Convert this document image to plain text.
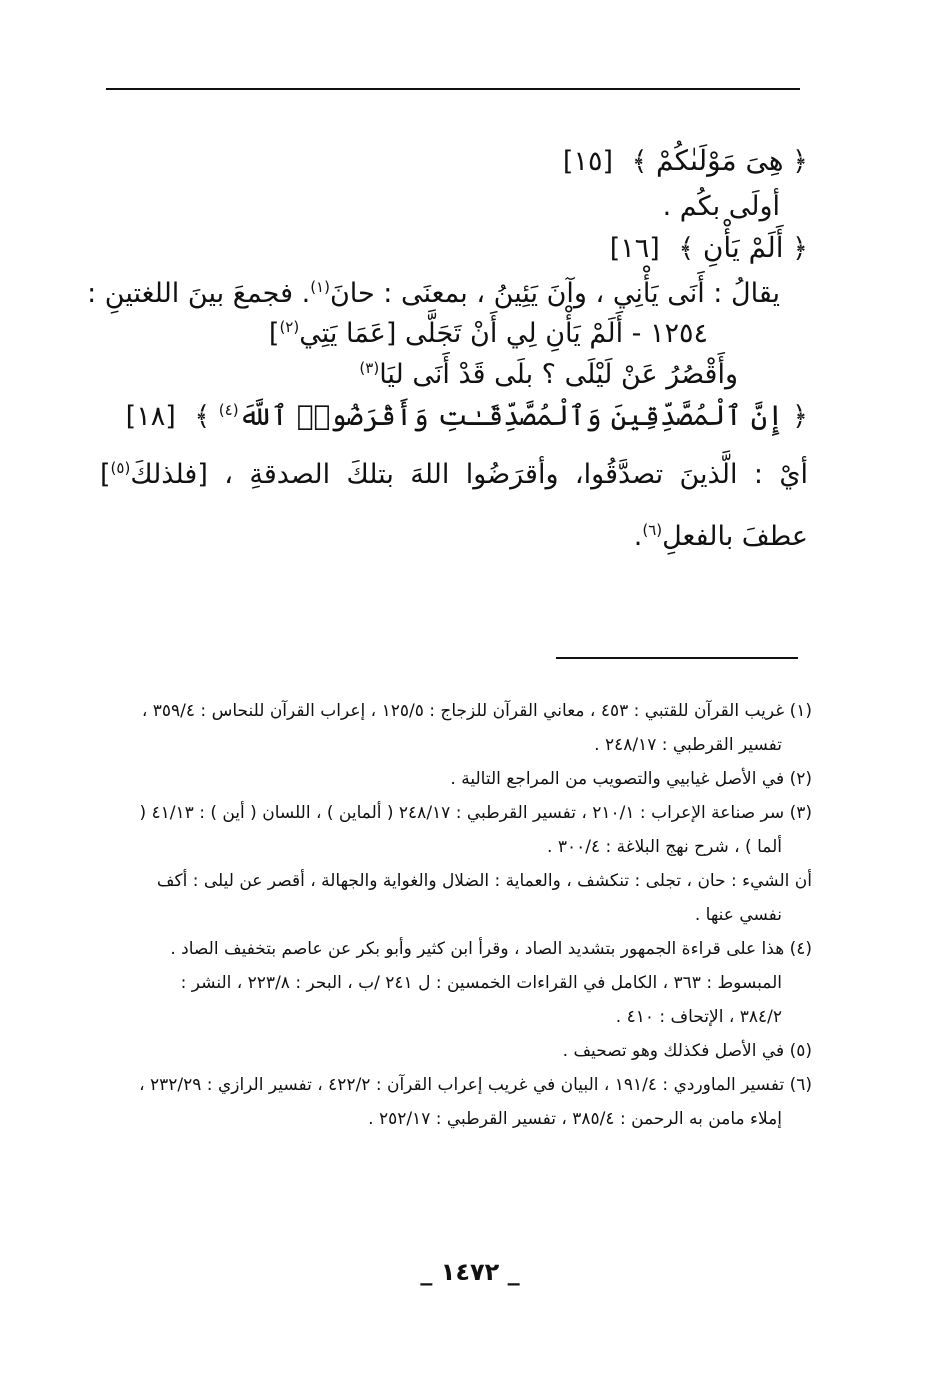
﴿ هِىَ مَوْلَىٰكُمْ ﴾ [١٥]
أولَى بكُم .
﴿ أَلَمْ يَأْنِ ﴾ [١٦]
يقالُ : أَنَى يَأْنِي ، وآنَ يَئِينُ ، بمعنَى : حانَ$^{(١)}$. فجمعَ بينَ اللغتينِ :
١٢٥٤ - أَلَمْ يَأْنِ لِي أَنْ تَجَلَّى [عَمَا يَتِي$^{(٢)}$]
وأَقْصُرُ عَنْ لَيْلَى ؟ بلَى قَدْ أَنَى ليَا$^{(٣)}$
﴿ إِنَّ ٱلْمُصَّدِّقِينَ وَٱلْمُصَّدِّقَـٰتِ وَأَقْرَضُوا۟ ٱللَّهَ$^{(٤)}$ ﴾ [١٨]
أيْ : الَّذينَ تصدَّقُوا، وأقرَضُوا اللهَ بتلكَ الصدقةِ ، [فلذلكَ$^{(٥)}$] عطفَ بالفعلِ$^{(٦)}$.
(١) غريب القرآن للقتبي : ٤٥٣ ، معاني القرآن للزجاج : ١٢٥/٥ ، إعراب القرآن للنحاس : ٣٥٩/٤ ،
تفسير القرطبي : ٢٤٨/١٧ .
(٢) في الأصل غيابيي والتصويب من المراجع التالية .
(٣) سر صناعة الإعراب : ٢١٠/١ ، تفسير القرطبي : ٢٤٨/١٧ ( ألماين ) ، اللسان ( أين ) : ٤١/١٣ (
ألما ) ، شرح نهج البلاغة : ٣٠٠/٤ .
أن الشيء : حان ، تجلى : تنكشف ، والعماية : الضلال والغواية والجهالة ، أقصر عن ليلى : أكف
نفسي عنها .
(٤) هذا على قراءة الجمهور بتشديد الصاد ، وقرأ ابن كثير وأبو بكر عن عاصم بتخفيف الصاد .
المبسوط : ٣٦٣ ، الكامل في القراءات الخمسين : ل ٢٤١ /ب ، البحر : ٢٢٣/٨ ، النشر :
٣٨٤/٢ ، الإتحاف : ٤١٠ .
(٥) في الأصل فكذلك وهو تصحيف .
(٦) تفسير الماوردي : ١٩١/٤ ، البيان في غريب إعراب القرآن : ٤٢٢/٢ ، تفسير الرازي : ٢٣٢/٢٩ ،
إملاء مامن به الرحمن : ٣٨٥/٤ ، تفسير القرطبي : ٢٥٢/١٧ .
_ ١٤٧٢ _
